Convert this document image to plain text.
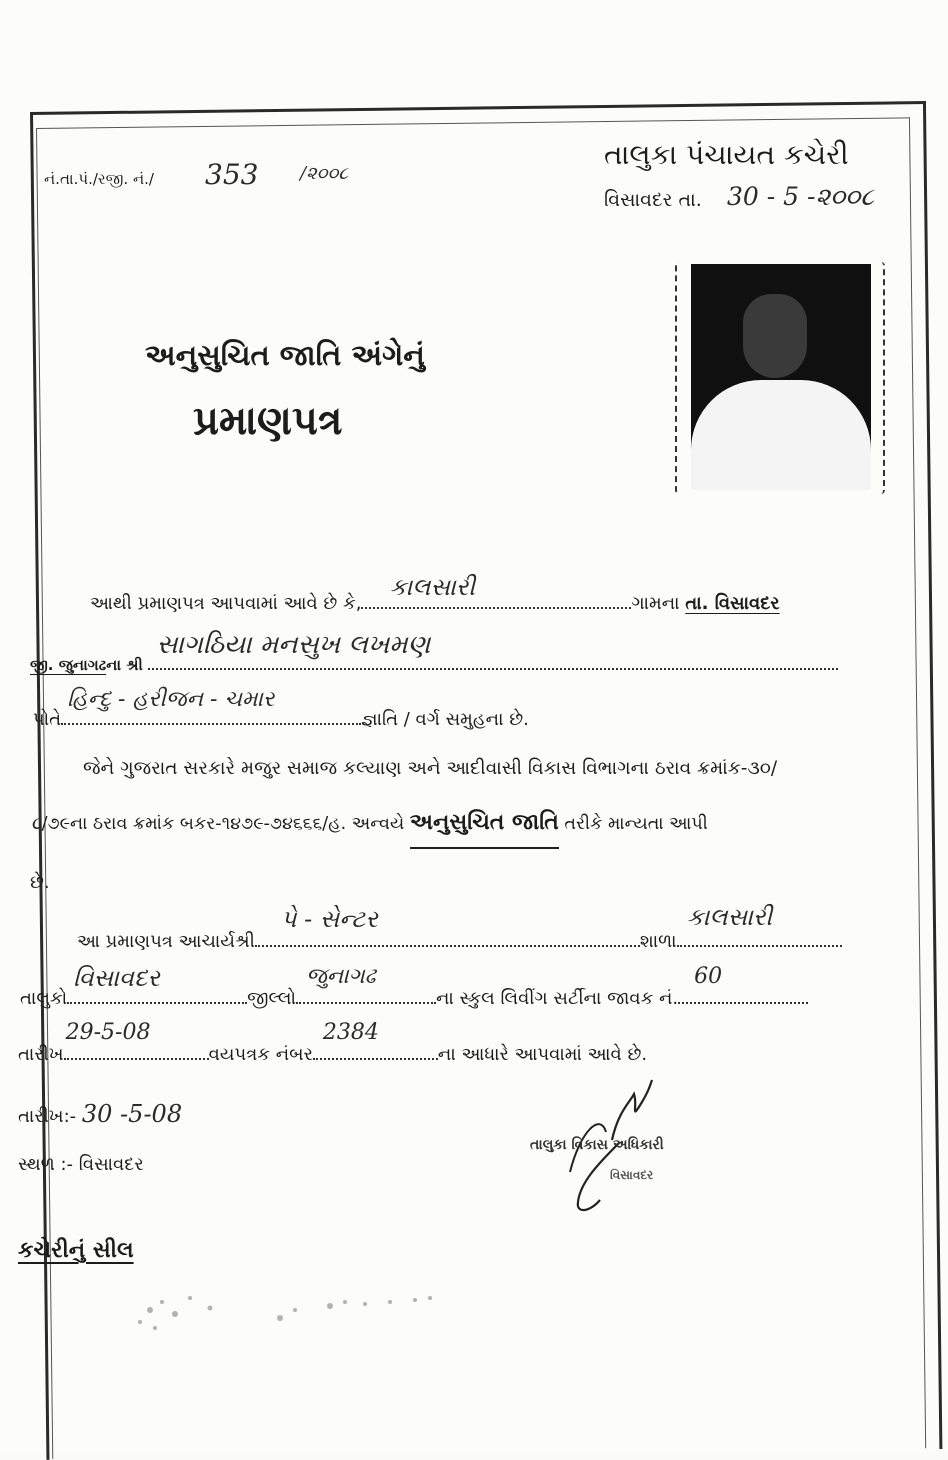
નં.તા.પં./રજી. નં./ 353 /૨૦૦૮
તાલુકા પંચાયત કચેરી
વિસાવદર તા. 30 - 5 -૨૦૦૮
અનુસુચિત જાતિ અંગેનું
પ્રમાણપત્ર
આથી પ્રમાણપત્ર આપવામાં આવે છે કે,
કાલસારી
ગામના તા. વિસાવદર
જી. જુનાગઢના શ્રી
સાગઠિયા મનસુખ લખમણ
પોતે
હિન્દુ - હરીજન - ચમાર
જ્ઞાતિ / વર્ગ સમુહના છે.
જેને ગુજરાત સરકારે મજુર સમાજ કલ્યાણ અને આદીવાસી વિકાસ વિભાગના ઠરાવ ક્રમાંક-૩૦/
૮/૭૯ના ઠરાવ ક્રમાંક બકર-૧૪૭૯-૭૪૬૬૬/હ. અન્વયે અનુસુચિત જાતિ તરીકે માન્યતા આપી
છે.
આ પ્રમાણપત્ર આચાર્યશ્રી
પે - સેન્ટર
શાળા
કાલસારી
તાલુકો
વિસાવદર
જીલ્લો
જુનાગઢ
ના સ્કુલ લિવીંગ સર્ટીના જાવક નં.
60
તારીખ
29-5-08
વયપત્રક નંબર
2384
ના આધારે આપવામાં આવે છે.
તારીખ:- 30 -5-08
સ્થળ :- વિસાવદર
તાલુકા વિકાસ અધિકારી
વિસાવદર
કચેરીનું સીલ
